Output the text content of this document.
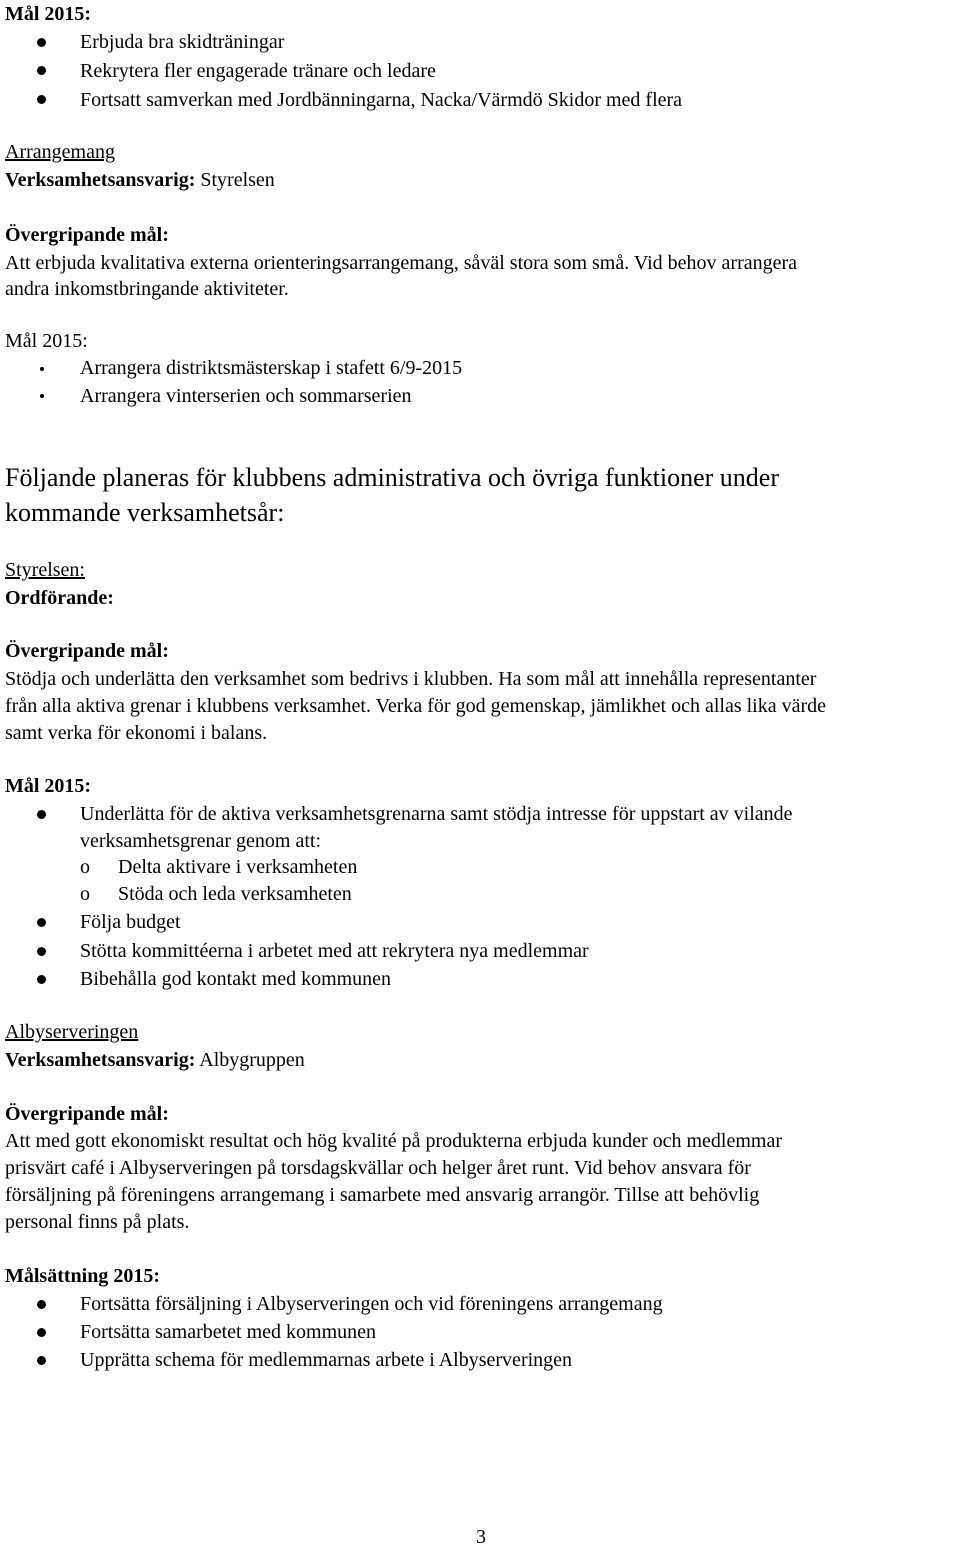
Mål 2015:
Erbjuda bra skidträningar
Rekrytera fler engagerade tränare och ledare
Fortsatt samverkan med Jordbänningarna, Nacka/Värmdö Skidor med flera
Arrangemang
Verksamhetsansvarig: Styrelsen
Övergripande mål:
Att erbjuda kvalitativa externa orienteringsarrangemang, såväl stora som små. Vid behov arrangera
andra inkomstbringande aktiviteter.
Mål 2015:
Arrangera distriktsmästerskap i stafett 6/9-2015
Arrangera vinterserien och sommarserien
Följande planeras för klubbens administrativa och övriga funktioner under
kommande verksamhetsår:
Styrelsen:
Ordförande:
Övergripande mål:
Stödja och underlätta den verksamhet som bedrivs i klubben. Ha som mål att innehålla representanter
från alla aktiva grenar i klubbens verksamhet. Verka för god gemenskap, jämlikhet och allas lika värde
samt verka för ekonomi i balans.
Mål 2015:
Underlätta för de aktiva verksamhetsgrenarna samt stödja intresse för uppstart av vilande
verksamhetsgrenar genom att:
o Delta aktivare i verksamheten
o Stöda och leda verksamheten
Följa budget
Stötta kommittéerna i arbetet med att rekrytera nya medlemmar
Bibehålla god kontakt med kommunen
Albyserveringen
Verksamhetsansvarig: Albygruppen
Övergripande mål:
Att med gott ekonomiskt resultat och hög kvalité på produkterna erbjuda kunder och medlemmar
prisvärt café i Albyserveringen på torsdagskvällar och helger året runt. Vid behov ansvara för
försäljning på föreningens arrangemang i samarbete med ansvarig arrangör. Tillse att behövlig
personal finns på plats.
Målsättning 2015:
Fortsätta försäljning i Albyserveringen och vid föreningens arrangemang
Fortsätta samarbetet med kommunen
Upprätta schema för medlemmarnas arbete i Albyserveringen
3
